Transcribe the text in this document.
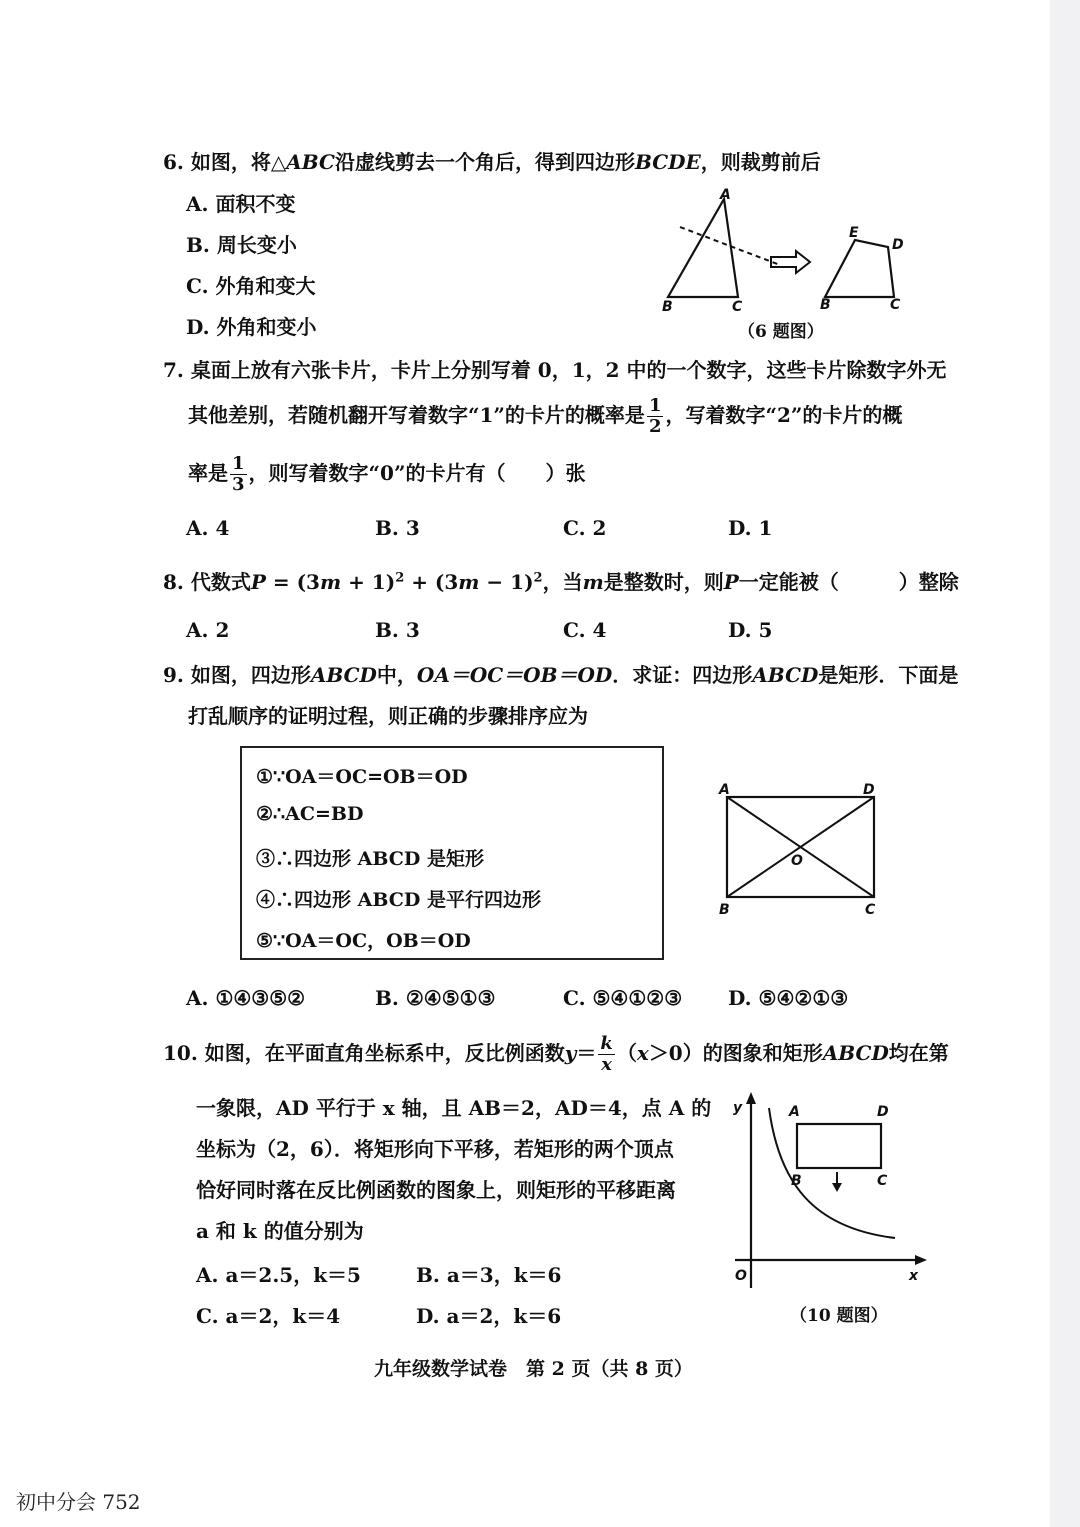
6. 如图，将△ABC沿虚线剪去一个角后，得到四边形BCDE，则裁剪前后
A. 面积不变
B. 周长变小
C. 外角和变大
D. 外角和变小
A
B	C
E
D
B	C
（6 题图）
7. 桌面上放有六张卡片，卡片上分别写着 0，1，2 中的一个数字，这些卡片除数字外无
其他差别，若随机翻开写着数字“1”的卡片的概率是 $\frac{1}{2}$ ，写着数字“2”的卡片的概
率是 $\frac{1}{3}$ ，则写着数字“0”的卡片有（　　）张
A. 4	B. 3	C. 2	D. 1
8. 代数式$P = (3m + 1)^2 + (3m - 1)^2$，当m是整数时，则P一定能被（　　　）整除
A. 2	B. 3	C. 4	D. 5
9. 如图，四边形ABCD中，OA＝OC＝OB＝OD．求证：四边形ABCD是矩形．下面是
打乱顺序的证明过程，则正确的步骤排序应为
①∵OA＝OC=OB＝OD
②∴AC=BD
③∴四边形 ABCD 是矩形
④∴四边形 ABCD 是平行四边形
⑤∵OA＝OC，OB＝OD
A	D
B	C
O
A. ①④③⑤②	B. ②④⑤①③	C. ⑤④①②③ D. ⑤④②①③
10. 如图，在平面直角坐标系中，反比例函数$y= \frac{k}{x} (x>0)$的图象和矩形ABCD均在第
一象限，AD 平行于 x 轴，且 AB＝2，AD＝4，点 A 的
坐标为（2，6）．将矩形向下平移，若矩形的两个顶点
恰好同时落在反比例函数的图象上，则矩形的平移距离
a 和 k 的值分别为
A. a＝2.5，k＝5	B. a＝3，k＝6
C. a＝2，k＝4	D. a＝2，k＝6
y
x
O
A	D
B	C
（10 题图）
九年级数学试卷　第 2 页（共 8 页）
初中分会 752
